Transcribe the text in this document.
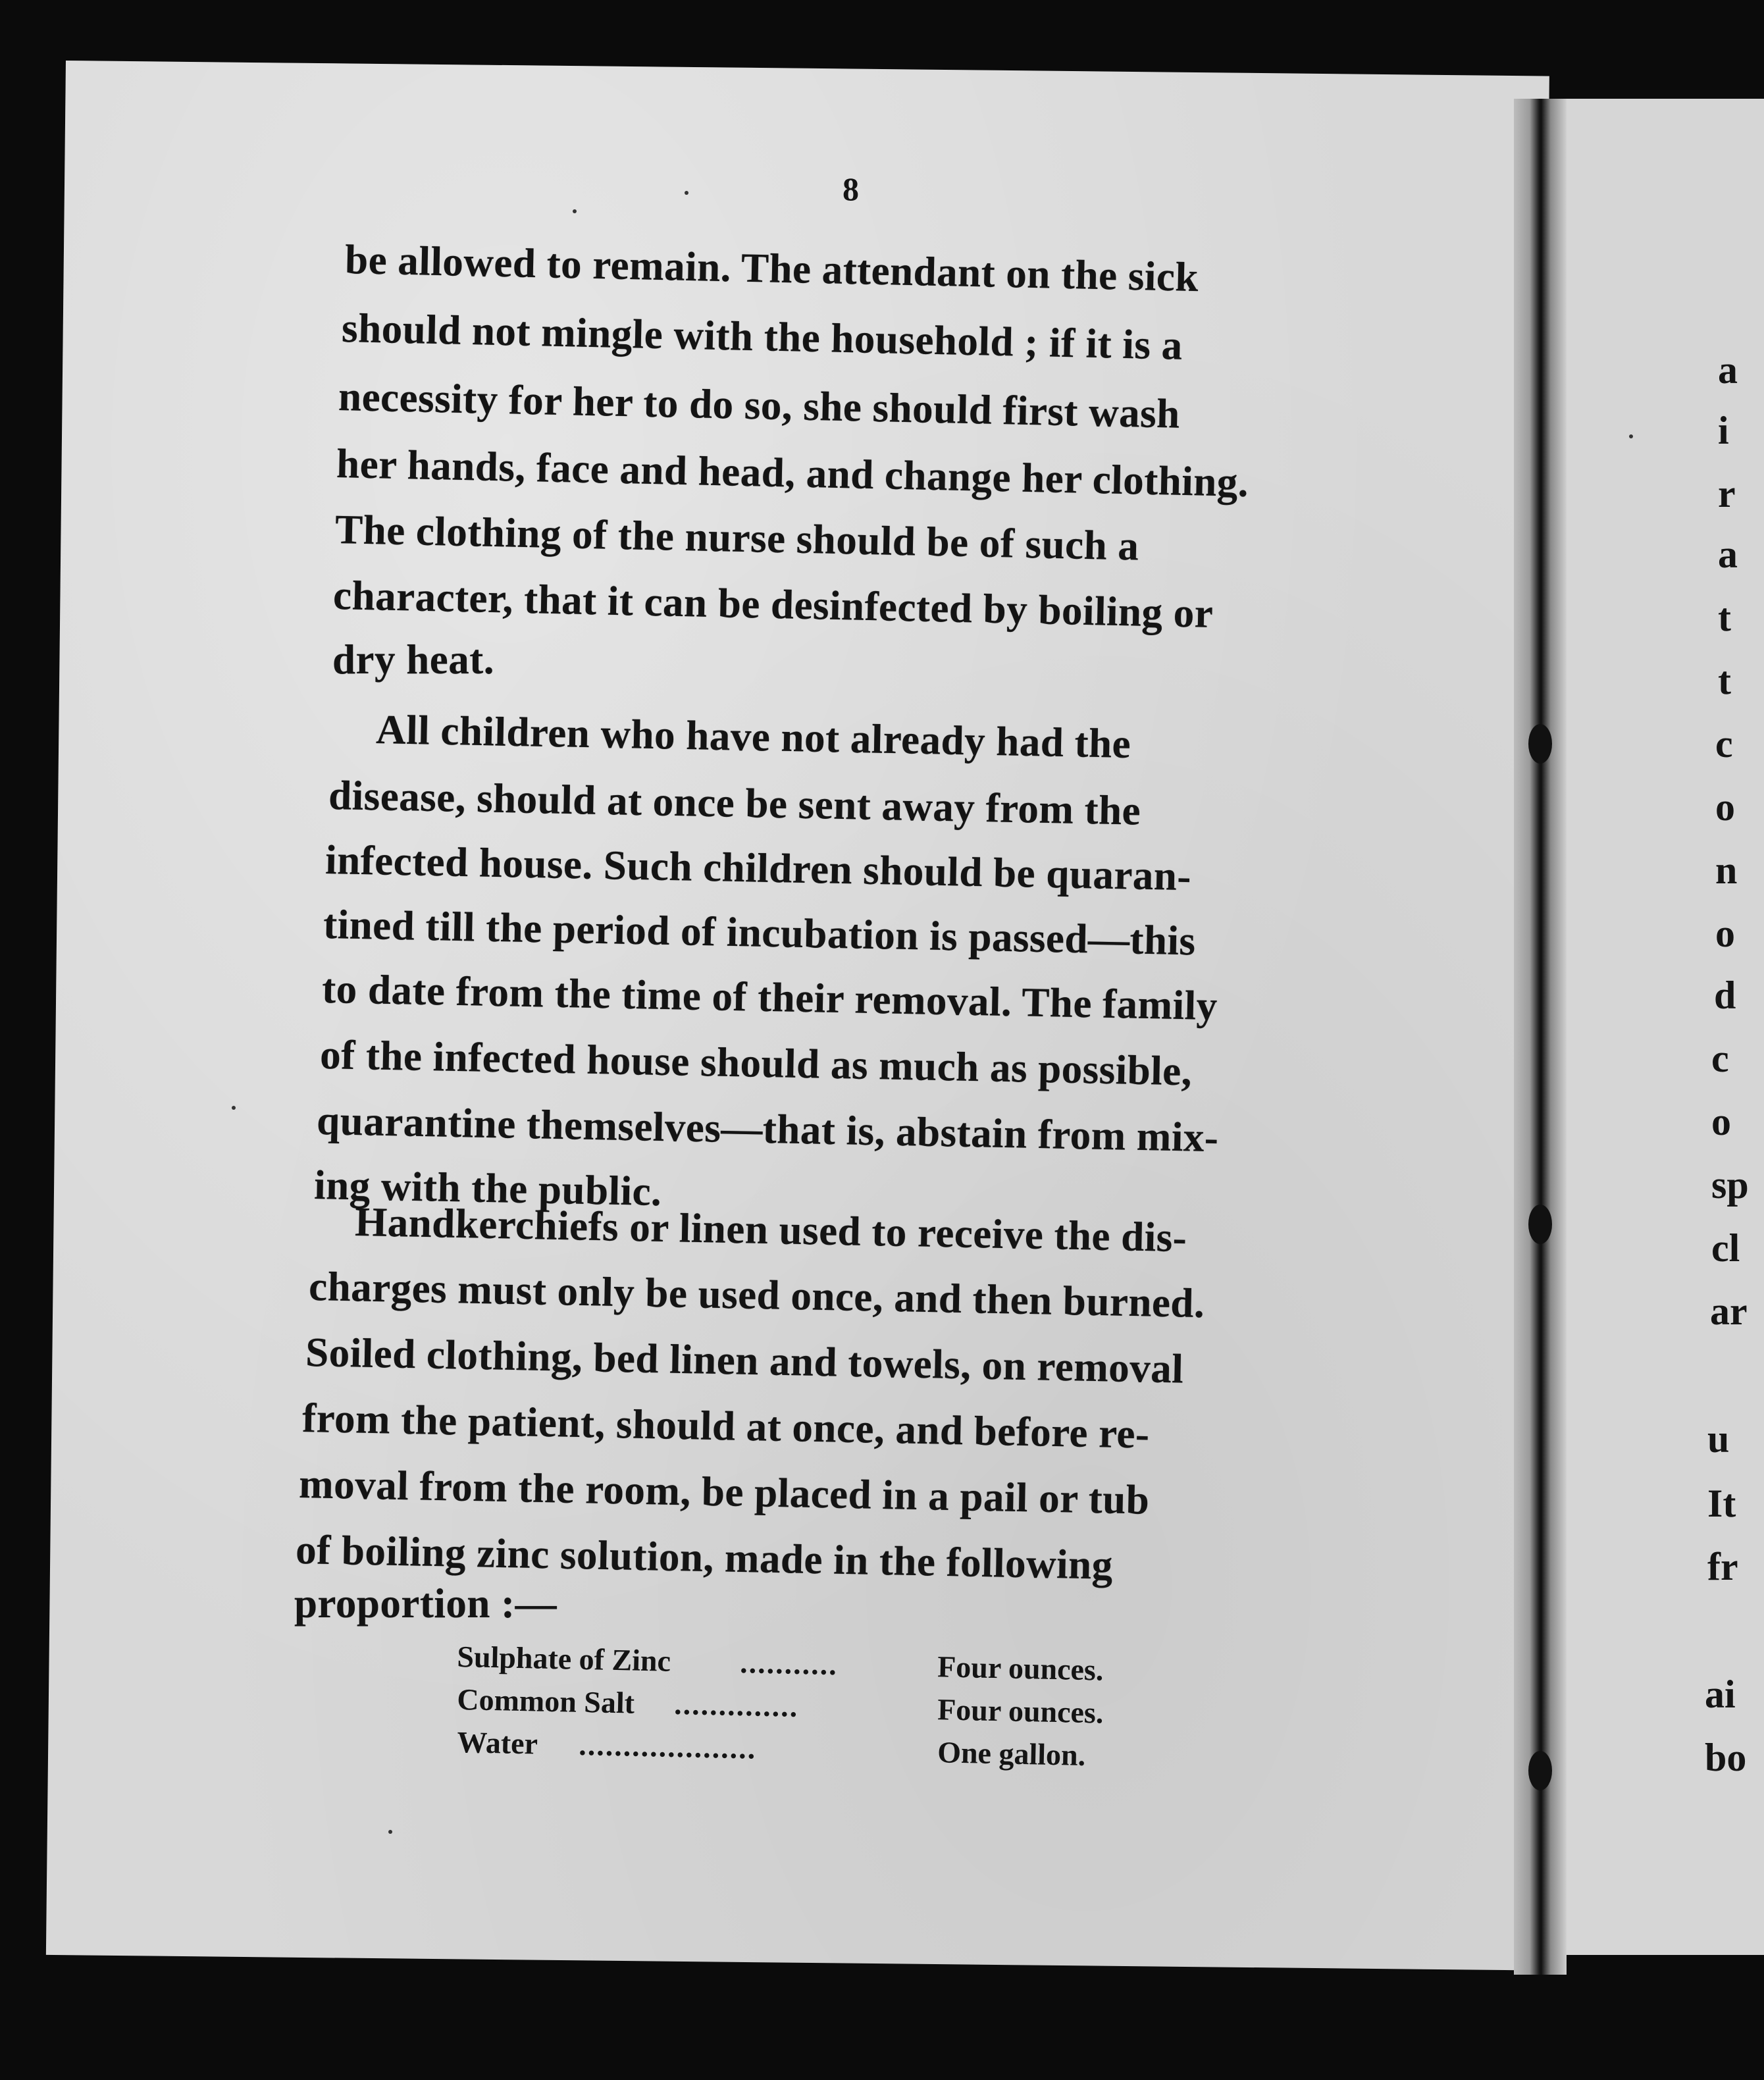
8
be allowed to remain. The attendant on the sick
should not mingle with the household ; if it is a
necessity for her to do so, she should first wash
her hands, face and head, and change her clothing.
The clothing of the nurse should be of such a
character, that it can be desinfected by boiling or
dry heat.
All children who have not already had the
disease, should at once be sent away from the
infected house. Such children should be quaran-
tined till the period of incubation is passed—this
to date from the time of their removal. The family
of the infected house should as much as possible,
quarantine themselves—that is, abstain from mix-
ing with the public.
Handkerchiefs or linen used to receive the dis-
charges must only be used once, and then burned.
Soiled clothing, bed linen and towels, on removal
from the patient, should at once, and before re-
moval from the room, be placed in a pail or tub
of boiling zinc solution, made in the following
proportion :—
Sulphate of Zinc ...........	Four ounces.
Common Salt ..............	Four ounces.
Water ....................	One gallon.
a
i
r
a
t
t
c
o
n
o
d
c
o
sp
cl
ar
u
It
fr
ai
bo
